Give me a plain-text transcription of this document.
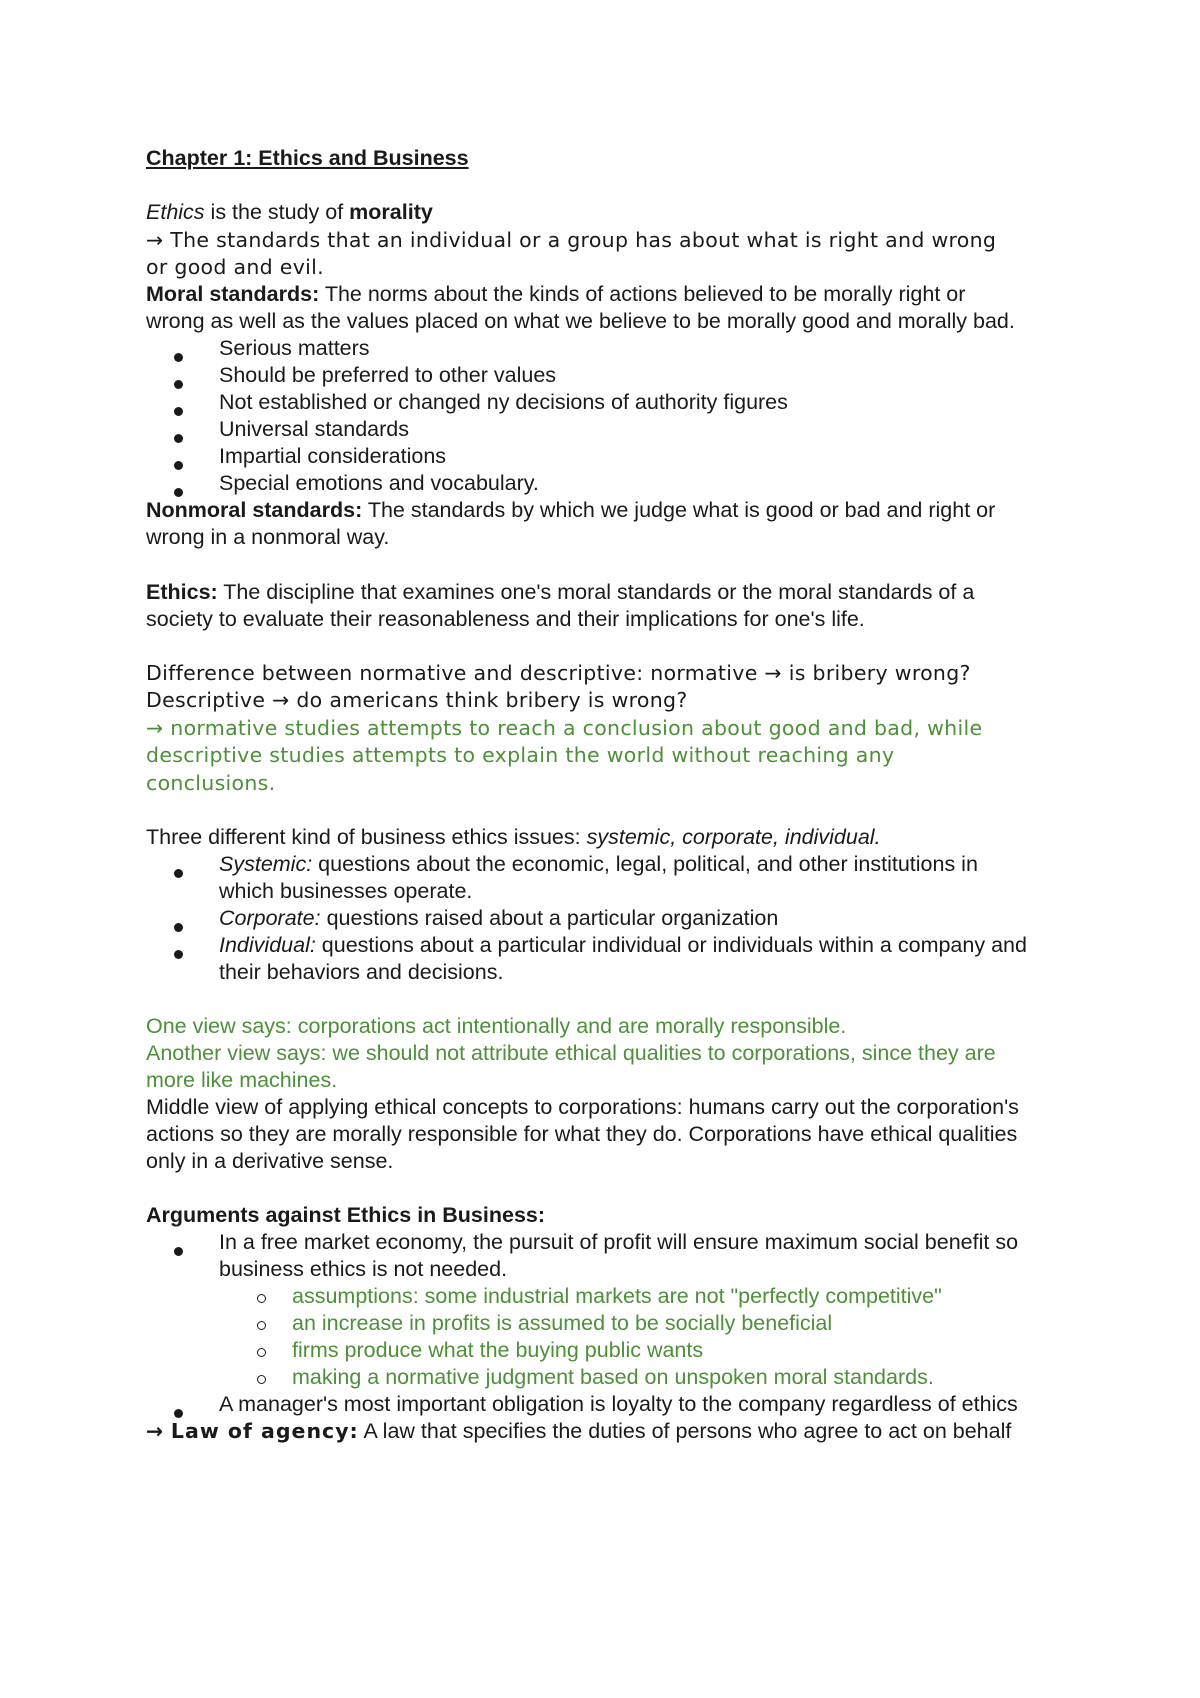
Chapter 1: Ethics and Business
Ethics is the study of morality
→ The standards that an individual or a group has about what is right and wrong
or good and evil.
Moral standards: The norms about the kinds of actions believed to be morally right or
wrong as well as the values placed on what we believe to be morally good and morally bad.
Serious matters
Should be preferred to other values
Not established or changed ny decisions of authority figures
Universal standards
Impartial considerations
Special emotions and vocabulary.
Nonmoral standards: The standards by which we judge what is good or bad and right or
wrong in a nonmoral way.
Ethics: The discipline that examines one's moral standards or the moral standards of a
society to evaluate their reasonableness and their implications for one's life.
Difference between normative and descriptive: normative → is bribery wrong?
Descriptive → do americans think bribery is wrong?
→ normative studies attempts to reach a conclusion about good and bad, while
descriptive studies attempts to explain the world without reaching any
conclusions.
Three different kind of business ethics issues: systemic, corporate, individual.
Systemic: questions about the economic, legal, political, and other institutions in
which businesses operate.
Corporate: questions raised about a particular organization
Individual: questions about a particular individual or individuals within a company and
their behaviors and decisions.
One view says: corporations act intentionally and are morally responsible.
Another view says: we should not attribute ethical qualities to corporations, since they are
more like machines.
Middle view of applying ethical concepts to corporations: humans carry out the corporation's
actions so they are morally responsible for what they do. Corporations have ethical qualities
only in a derivative sense.
Arguments against Ethics in Business:
In a free market economy, the pursuit of profit will ensure maximum social benefit so
business ethics is not needed.
assumptions: some industrial markets are not "perfectly competitive"
an increase in profits is assumed to be socially beneficial
firms produce what the buying public wants
making a normative judgment based on unspoken moral standards.
A manager's most important obligation is loyalty to the company regardless of ethics
→ Law of agency: A law that specifies the duties of persons who agree to act on behalf
